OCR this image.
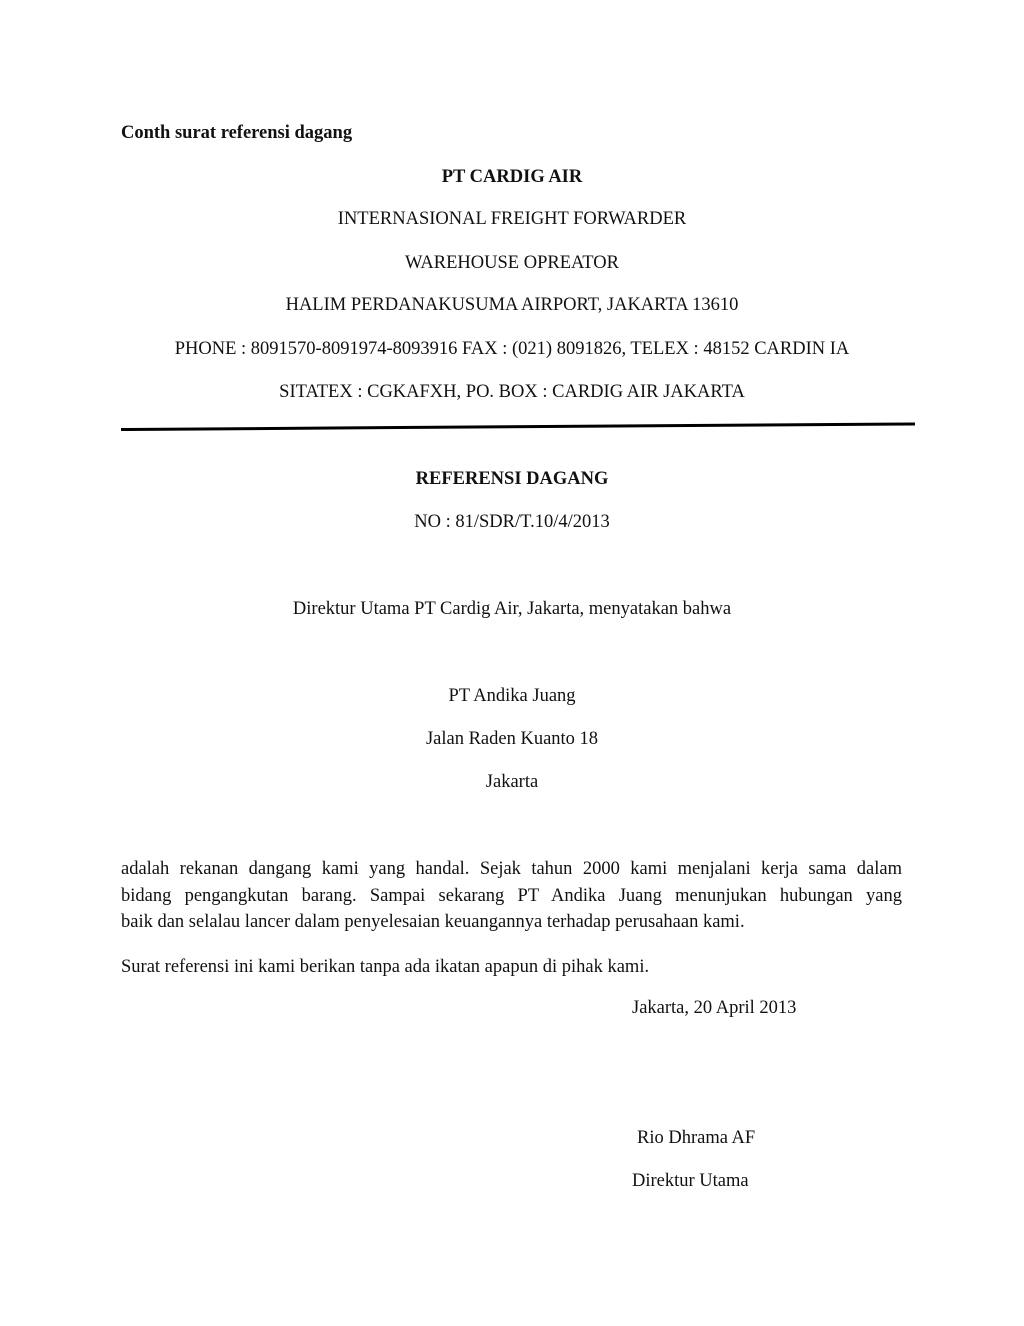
Conth surat referensi dagang
PT CARDIG AIR
INTERNASIONAL FREIGHT FORWARDER
WAREHOUSE OPREATOR
HALIM PERDANAKUSUMA AIRPORT, JAKARTA 13610
PHONE : 8091570-8091974-8093916 FAX : (021) 8091826, TELEX : 48152 CARDIN IA
SITATEX : CGKAFXH, PO. BOX : CARDIG AIR JAKARTA
REFERENSI DAGANG
NO : 81/SDR/T.10/4/2013
Direktur Utama PT Cardig Air, Jakarta, menyatakan bahwa
PT Andika Juang
Jalan Raden Kuanto 18
Jakarta
adalah rekanan dangang kami yang handal. Sejak tahun 2000 kami menjalani kerja sama dalam
bidang pengangkutan barang. Sampai sekarang PT Andika Juang menunjukan hubungan yang
baik dan selalau lancer dalam penyelesaian keuangannya terhadap perusahaan kami.
Surat referensi ini kami berikan tanpa ada ikatan apapun di pihak kami.
Jakarta, 20 April 2013
Rio Dhrama AF
Direktur Utama
